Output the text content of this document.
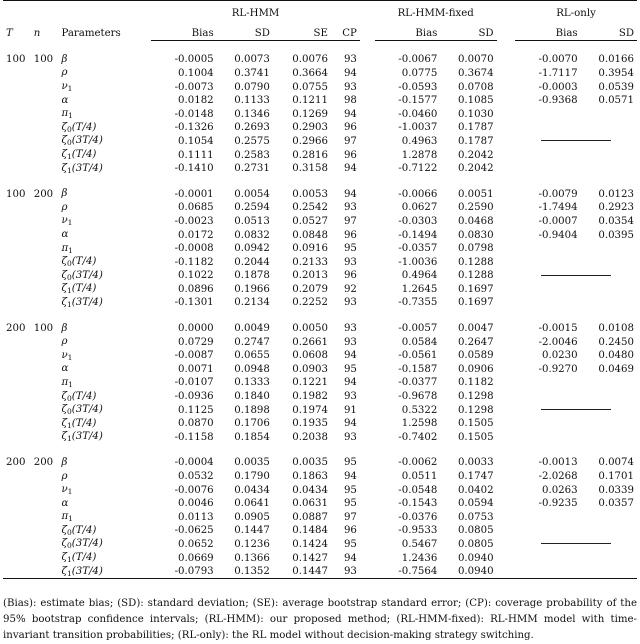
			RL-HMM					RL-HMM-fixed			RL-only	
T	n	Parameters	Bias	SD	SE	CP		Bias	SD		Bias	SD

100	100	β	-0.0005	0.0073	0.0076	93		-0.0067	0.0070		-0.0070	0.0166
		ρ	0.1004	0.3741	0.3664	94		0.0775	0.3674		-1.7117	0.3954
		$\nu_1$	-0.0073	0.0790	0.0755	93		-0.0593	0.0708		-0.0003	0.0539
		α	0.0182	0.1133	0.1211	98		-0.1577	0.1085		-0.9368	0.0571
		$\pi_1$	-0.0148	0.1346	0.1269	94		-0.0460	0.1030			
		$\zeta_0(T/4)$	-0.1326	0.2693	0.2903	96		-1.0037	0.1787			
		$\zeta_0(3T/4)$	0.1054	0.2575	0.2966	97		0.4963	0.1787			
		$\zeta_1(T/4)$	0.1111	0.2583	0.2816	96		1.2878	0.2042			
		$\zeta_1(3T/4)$	-0.1410	0.2731	0.3158	94		-0.7122	0.2042			

100	200	β	-0.0001	0.0054	0.0053	94		-0.0066	0.0051		-0.0079	0.0123
		ρ	0.0685	0.2594	0.2542	93		0.0627	0.2590		-1.7494	0.2923
		$\nu_1$	-0.0023	0.0513	0.0527	97		-0.0303	0.0468		-0.0007	0.0354
		α	0.0172	0.0832	0.0848	96		-0.1494	0.0830		-0.9404	0.0395
		$\pi_1$	-0.0008	0.0942	0.0916	95		-0.0357	0.0798			
		$\zeta_0(T/4)$	-0.1182	0.2044	0.2133	93		-1.0036	0.1288			
		$\zeta_0(3T/4)$	0.1022	0.1878	0.2013	96		0.4964	0.1288			
		$\zeta_1(T/4)$	0.0896	0.1966	0.2079	92		1.2645	0.1697			
		$\zeta_1(3T/4)$	-0.1301	0.2134	0.2252	93		-0.7355	0.1697			

200	100	β	0.0000	0.0049	0.0050	93		-0.0057	0.0047		-0.0015	0.0108
		ρ	0.0729	0.2747	0.2661	93		0.0584	0.2647		-2.0046	0.2450
		$\nu_1$	-0.0087	0.0655	0.0608	94		-0.0561	0.0589		0.0230	0.0480
		α	0.0071	0.0948	0.0903	95		-0.1587	0.0906		-0.9270	0.0469
		$\pi_1$	-0.0107	0.1333	0.1221	94		-0.0377	0.1182			
		$\zeta_0(T/4)$	-0.0936	0.1840	0.1982	93		-0.9678	0.1298			
		$\zeta_0(3T/4)$	0.1125	0.1898	0.1974	91		0.5322	0.1298			
		$\zeta_1(T/4)$	0.0870	0.1706	0.1935	94		1.2598	0.1505			
		$\zeta_1(3T/4)$	-0.1158	0.1854	0.2038	93		-0.7402	0.1505			

200	200	β	-0.0004	0.0035	0.0035	95		-0.0062	0.0033		-0.0013	0.0074
		ρ	0.0532	0.1790	0.1863	94		0.0511	0.1747		-2.0268	0.1701
		$\nu_1$	-0.0076	0.0434	0.0434	95		-0.0548	0.0402		0.0263	0.0339
		α	0.0046	0.0641	0.0631	95		-0.1543	0.0594		-0.9235	0.0357
		$\pi_1$	0.0113	0.0905	0.0887	97		-0.0376	0.0753			
		$\zeta_0(T/4)$	-0.0625	0.1447	0.1484	96		-0.9533	0.0805			
		$\zeta_0(3T/4)$	0.0652	0.1236	0.1424	95		0.5467	0.0805			
		$\zeta_1(T/4)$	0.0669	0.1366	0.1427	94		1.2436	0.0940			
		$\zeta_1(3T/4)$	-0.0793	0.1352	0.1447	93		-0.7564	0.0940			
(Bias): estimate bias; (SD): standard deviation; (SE): average bootstrap standard error; (CP): coverage probability of the 95% bootstrap confidence intervals; (RL-HMM): our proposed method; (RL-HMM-fixed): RL-HMM model with time-invariant transition probabilities; (RL-only): the RL model without decision-making strategy switching.
